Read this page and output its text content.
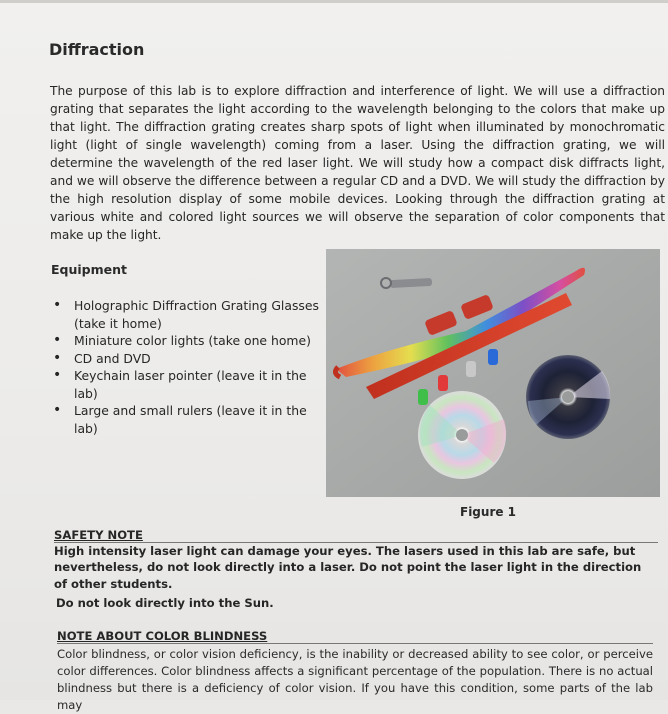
Diffraction
The purpose of this lab is to explore diffraction and interference of light. We will use a diffraction grating that separates the light according to the wavelength belonging to the colors that make up that light. The diffraction grating creates sharp spots of light when illuminated by monochromatic light (light of single wavelength) coming from a laser. Using the diffraction grating, we will determine the wavelength of the red laser light. We will study how a compact disk diffracts light, and we will observe the difference between a regular CD and a DVD. We will study the diffraction by the high resolution display of some mobile devices. Looking through the diffraction grating at various white and colored light sources we will observe the separation of color components that make up the light.
Equipment
• Holographic Diffraction Grating Glasses (take it home)
• Miniature color lights (take one home)
• CD and DVD
• Keychain laser pointer (leave it in the lab)
• Large and small rulers (leave it in the lab)
Figure 1
SAFETY NOTE
High intensity laser light can damage your eyes. The lasers used in this lab are safe, but nevertheless, do not look directly into a laser. Do not point the laser light in the direction of other students.
Do not look directly into the Sun.
NOTE ABOUT COLOR BLINDNESS
Color blindness, or color vision deficiency, is the inability or decreased ability to see color, or perceive color differences. Color blindness affects a significant percentage of the population. There is no actual blindness but there is a deficiency of color vision. If you have this condition, some parts of the lab may
